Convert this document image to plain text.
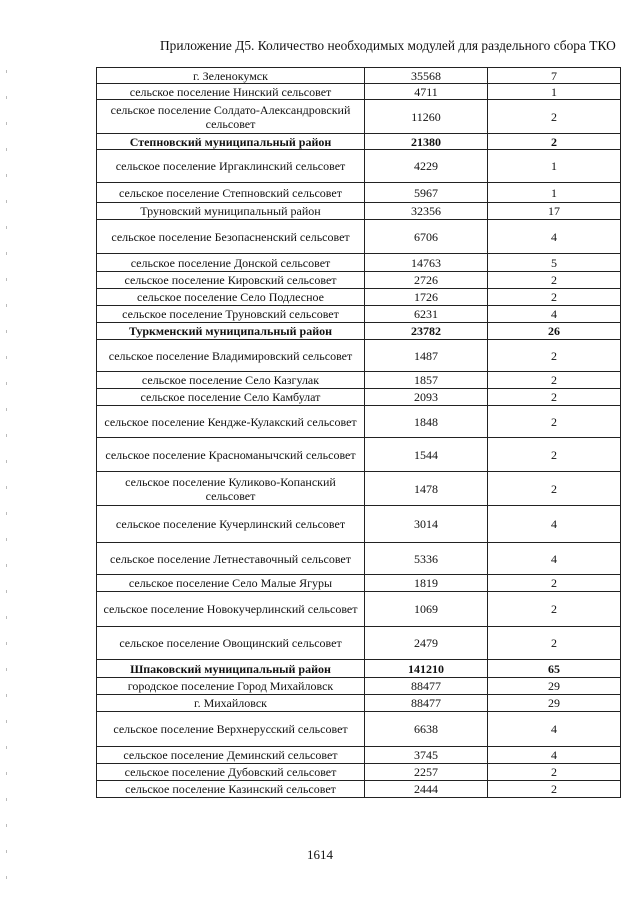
Приложение Д5. Количество необходимых модулей для раздельного сбора ТКО
г. Зеленокумск	35568	7
сельское поселение Нинский сельсовет	4711	1
сельское поселение Солдато-Александровский сельсовет	11260	2
Степновский муниципальный район	21380	2
сельское поселение Иргаклинский сельсовет	4229	1
сельское поселение Степновский сельсовет	5967	1
Труновский муниципальный район	32356	17
сельское поселение Безопасненский сельсовет	6706	4
сельское поселение Донской сельсовет	14763	5
сельское поселение Кировский сельсовет	2726	2
сельское поселение Село Подлесное	1726	2
сельское поселение Труновский сельсовет	6231	4
Туркменский муниципальный район	23782	26
сельское поселение Владимировский сельсовет	1487	2
сельское поселение Село Казгулак	1857	2
сельское поселение Село Камбулат	2093	2
сельское поселение Кендже-Кулакский сельсовет	1848	2
сельское поселение Красноманычский сельсовет	1544	2
сельское поселение Куликово-Копанский сельсовет	1478	2
сельское поселение Кучерлинский сельсовет	3014	4
сельское поселение Летнеставочный сельсовет	5336	4
сельское поселение Село Малые Ягуры	1819	2
сельское поселение Новокучерлинский сельсовет	1069	2
сельское поселение Овощинский сельсовет	2479	2
Шпаковский муниципальный район	141210	65
городское поселение Город Михайловск	88477	29
г. Михайловск	88477	29
сельское поселение Верхнерусский сельсовет	6638	4
сельское поселение Деминский сельсовет	3745	4
сельское поселение Дубовский сельсовет	2257	2
сельское поселение Казинский сельсовет	2444	2
1614
